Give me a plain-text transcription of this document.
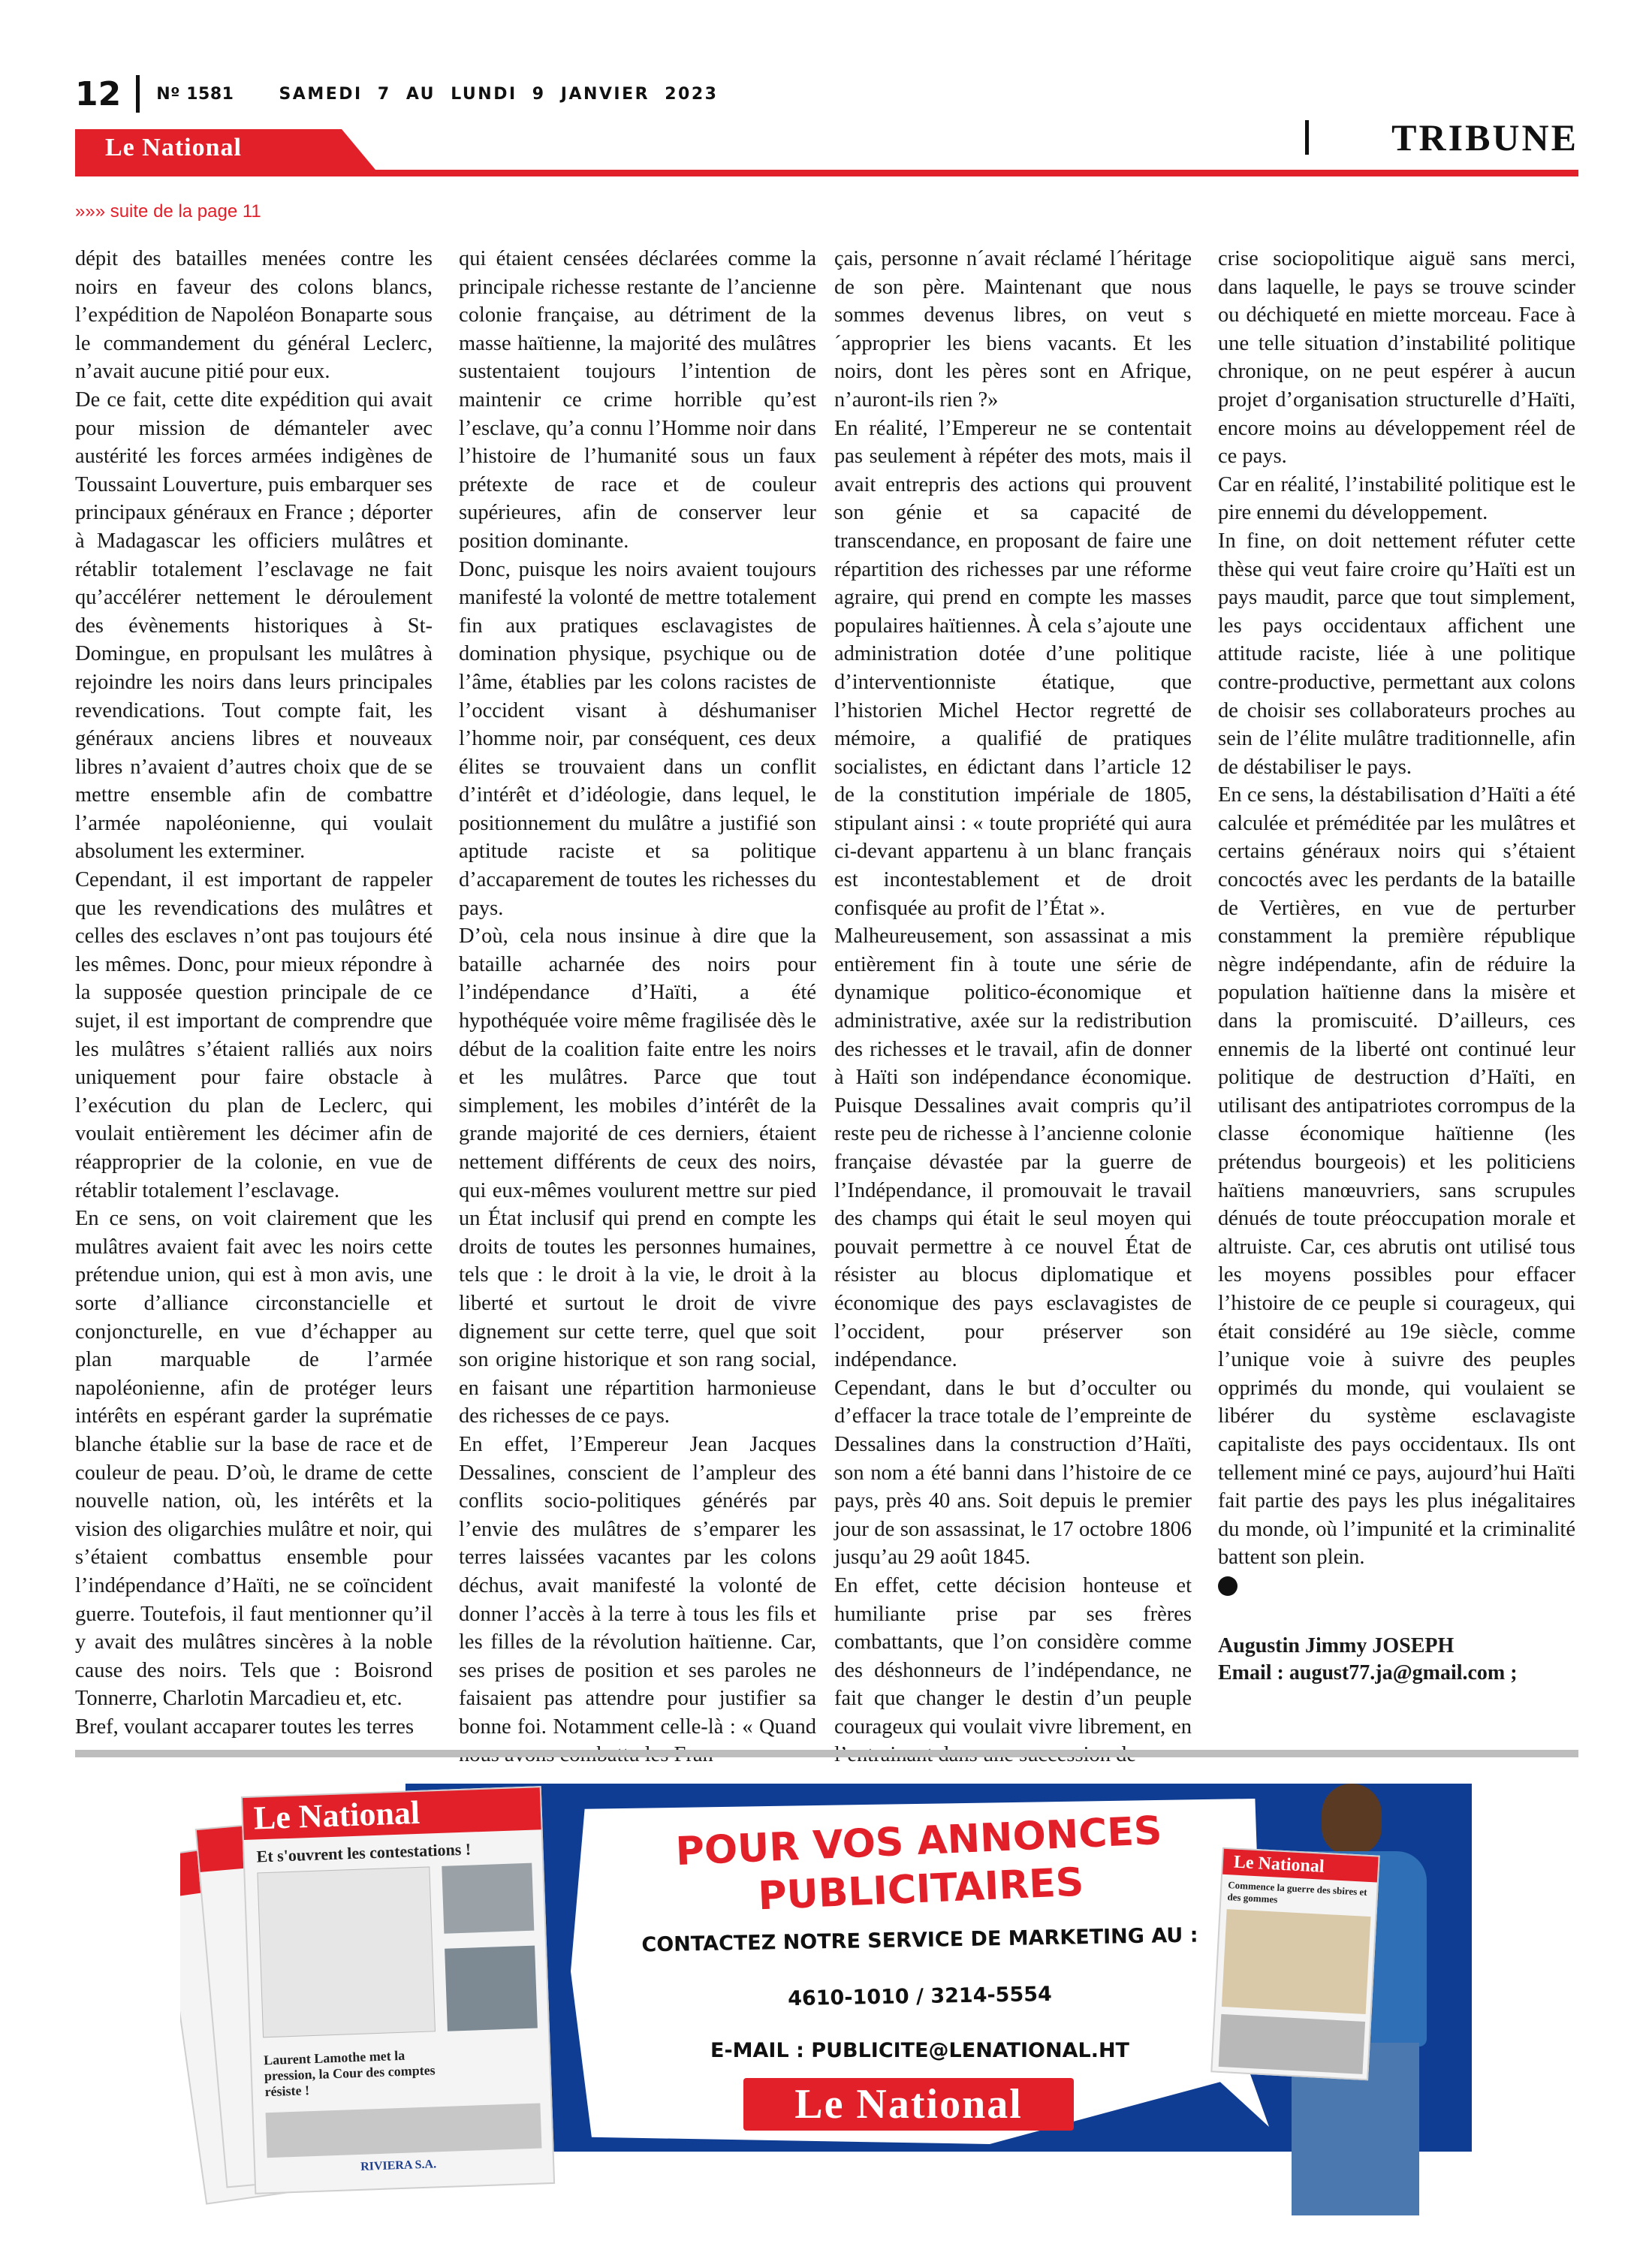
12 Nº 1581	SAMEDI 7 AU LUNDI 9 JANVIER 2023
Le National	TRIBUNE
»»» suite de la page 11

dépit des batailles menées contre les noirs en faveur des colons blancs, l’expédition de Napoléon Bonaparte sous le commandement du général Leclerc, n’avait aucune pitié pour eux.

De ce fait, cette dite expédition qui avait pour mission de démanteler avec austérité les forces armées indigènes de Toussaint Louverture, puis embarquer ses principaux généraux en France ; déporter à Madagascar les officiers mulâtres et rétablir totalement l’esclavage ne fait qu’accélérer nettement le déroulement des évènements historiques à St-Domingue, en propulsant les mulâtres à rejoindre les noirs dans leurs principales revendications. Tout compte fait, les généraux anciens libres et nouveaux libres n’avaient d’autres choix que de se mettre ensemble afin de combattre l’armée napoléonienne, qui voulait absolument les exterminer.

Cependant, il est important de rappeler que les revendications des mulâtres et celles des esclaves n’ont pas toujours été les mêmes. Donc, pour mieux répondre à la supposée question principale de ce sujet, il est important de comprendre que les mulâtres s’étaient ralliés aux noirs uniquement pour faire obstacle à l’exécution du plan de Leclerc, qui voulait entièrement les décimer afin de réapproprier de la colonie, en vue de rétablir totalement l’esclavage.

En ce sens, on voit clairement que les mulâtres avaient fait avec les noirs cette prétendue union, qui est à mon avis, une sorte d’alliance circonstancielle et conjoncturelle, en vue d’échapper au plan marquable de l’armée napoléonienne, afin de protéger leurs intérêts en espérant garder la suprématie blanche établie sur la base de race et de couleur de peau. D’où, le drame de cette nouvelle nation, où, les intérêts et la vision des oligarchies mulâtre et noir, qui s’étaient combattus ensemble pour l’indépendance d’Haïti, ne se coïncident guerre. Toutefois, il faut mentionner qu’il y avait des mulâtres sincères à la noble cause des noirs. Tels que : Boisrond Tonnerre, Charlotin Marcadieu et, etc.

Bref, voulant accaparer toutes les terres

qui étaient censées déclarées comme la principale richesse restante de l’ancienne colonie française, au détriment de la masse haïtienne, la majorité des mulâtres sustentaient toujours l’intention de maintenir ce crime horrible qu’est l’esclave, qu’a connu l’Homme noir dans l’histoire de l’humanité sous un faux prétexte de race et de couleur supérieures, afin de conserver leur position dominante.

Donc, puisque les noirs avaient toujours manifesté la volonté de mettre totalement fin aux pratiques esclavagistes de domination physique, psychique ou de l’âme, établies par les colons racistes de l’occident visant à déshumaniser l’homme noir, par conséquent, ces deux élites se trouvaient dans un conflit d’intérêt et d’idéologie, dans lequel, le positionnement du mulâtre a justifié son aptitude raciste et sa politique d’accaparement de toutes les richesses du pays.

D’où, cela nous insinue à dire que la bataille acharnée des noirs pour l’indépendance d’Haïti, a été hypothéquée voire même fragilisée dès le début de la coalition faite entre les noirs et les mulâtres. Parce que tout simplement, les mobiles d’intérêt de la grande majorité de ces derniers, étaient nettement différents de ceux des noirs, qui eux-mêmes voulurent mettre sur pied un État inclusif qui prend en compte les droits de toutes les personnes humaines, tels que : le droit à la vie, le droit à la liberté et surtout le droit de vivre dignement sur cette terre, quel que soit son origine historique et son rang social, en faisant une répartition harmonieuse des richesses de ce pays.

En effet, l’Empereur Jean Jacques Dessalines, conscient de l’ampleur des conflits socio-politiques générés par l’envie des mulâtres de s’emparer les terres laissées vacantes par les colons déchus, avait manifesté la volonté de donner l’accès à la terre à tous les fils et les filles de la révolution haïtienne. Car, ses prises de position et ses paroles ne faisaient pas attendre pour justifier sa bonne foi. Notamment celle-là : « Quand

çais, personne n´avait réclamé l´héritage de son père. Maintenant que nous sommes devenus libres, on veut s´approprier les biens vacants. Et les noirs, dont les pères sont en Afrique, n’auront-ils rien ?»

En réalité, l’Empereur ne se contentait pas seulement à répéter des mots, mais il avait entrepris des actions qui prouvent son génie et sa capacité de transcendance, en proposant de faire une répartition des richesses par une réforme agraire, qui prend en compte les masses populaires haïtiennes. À cela s’ajoute une administration dotée d’une politique d’interventionniste étatique, que l’historien Michel Hector regretté de mémoire, a qualifié de pratiques socialistes, en édictant dans l’article 12 de la constitution impériale de 1805, stipulant ainsi : « toute propriété qui aura ci-devant appartenu à un blanc français est incontestablement et de droit confisquée au profit de l’État ».

Malheureusement, son assassinat a mis entièrement fin à toute une série de dynamique politico-économique et administrative, axée sur la redistribution des richesses et le travail, afin de donner à Haïti son indépendance économique. Puisque Dessalines avait compris qu’il reste peu de richesse à l’ancienne colonie française dévastée par la guerre de l’Indépendance, il promouvait le travail des champs qui était le seul moyen qui pouvait permettre à ce nouvel État de résister au blocus diplomatique et économique des pays esclavagistes de l’occident, pour préserver son indépendance.

Cependant, dans le but d’occulter ou d’effacer la trace totale de l’empreinte de Dessalines dans la construction d’Haïti, son nom a été banni dans l’histoire de ce pays, près 40 ans. Soit depuis le premier jour de son assassinat, le 17 octobre 1806 jusqu’au 29 août 1845.

En effet, cette décision honteuse et humiliante prise par ses frères combattants, que l’on considère comme des déshonneurs de l’indépendance, ne fait que changer le destin d’un peuple courageux qui voulait vivre librement, en

crise sociopolitique aiguë sans merci, dans laquelle, le pays se trouve scinder ou déchiqueté en miette morceau. Face à une telle situation d’instabilité politique chronique, on ne peut espérer à aucun projet d’organisation structurelle d’Haïti, encore moins au développement réel de ce pays.

Car en réalité, l’instabilité politique est le pire ennemi du développement.

In fine, on doit nettement réfuter cette thèse qui veut faire croire qu’Haïti est un pays maudit, parce que tout simplement, les pays occidentaux affichent une attitude raciste, liée à une politique contre-productive, permettant aux colons de choisir ses collaborateurs proches au sein de l’élite mulâtre traditionnelle, afin de déstabiliser le pays.

En ce sens, la déstabilisation d’Haïti a été calculée et préméditée par les mulâtres et certains généraux noirs qui s’étaient concoctés avec les perdants de la bataille de Vertières, en vue de perturber constamment la première république nègre indépendante, afin de réduire la population haïtienne dans la misère et dans la promiscuité. D’ailleurs, ces ennemis de la liberté ont continué leur politique de destruction d’Haïti, en utilisant des antipatriotes corrompus de la classe économique haïtienne (les prétendus bourgeois) et les politiciens haïtiens manœuvriers, sans scrupules dénués de toute préoccupation morale et altruiste. Car, ces abrutis ont utilisé tous les moyens possibles pour effacer l’histoire de ce peuple si courageux, qui était considéré au 19e siècle, comme l’unique voie à suivre des peuples opprimés du monde, qui voulaient se libérer du système esclavagiste capitaliste des pays occidentaux. Ils ont tellement miné ce pays, aujourd’hui Haïti fait partie des pays les plus inégalitaires du monde, où l’impunité et la criminalité battent son plein.

Augustin Jimmy JOSEPH
Email : august77.ja@gmail.com ;
Le National
Et s'ouvrent les contestations !
Laurent Lamothe met la pression, la Cour des comptes résiste !
RIVIERA S.A.
POUR VOS ANNONCES PUBLICITAIRES
CONTACTEZ NOTRE SERVICE DE MARKETING AU :
4610-1010 / 3214-5554
E-MAIL : PUBLICITE@LENATIONAL.HT
Le National
Le National
Commence la guerre des sbires et des gommes
